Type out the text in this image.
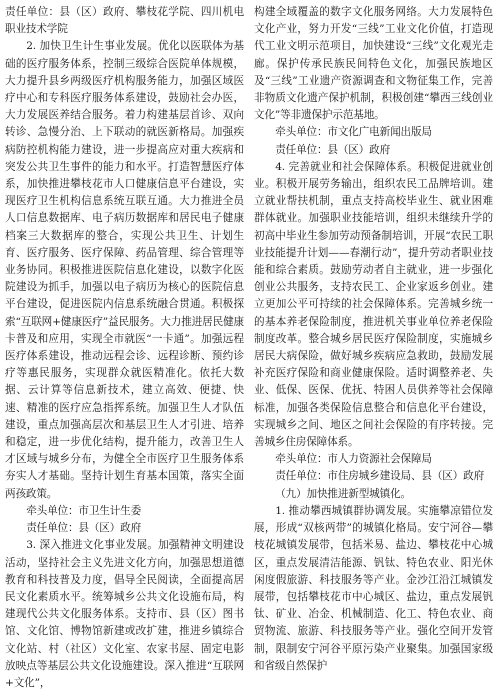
责任单位：县（区）政府、攀枝花学院、四川机电职业技术学院

2. 加快卫生计生事业发展。优化以医联体为基础的医疗服务体系，控制三级综合医院单体规模，大力提升县乡两级医疗机构服务能力，加强区域医疗中心和专科医疗服务体系建设，鼓励社会办医，大力发展医养结合服务。着力构建基层首诊、双向转诊、急慢分治、上下联动的就医新格局。加强疾病防控机构能力建设，进一步提高应对重大疾病和突发公共卫生事件的能力和水平。打造智慧医疗体系，加快推进攀枝花市人口健康信息平台建设，实现医疗卫生机构信息系统互联互通。大力推进全员人口信息数据库、电子病历数据库和居民电子健康档案三大数据库的整合，实现公共卫生、计划生育、医疗服务、医疗保障、药品管理、综合管理等业务协同。积极推进医院信息化建设，以数字化医院建设为抓手，加强以电子病历为核心的医院信息平台建设，促进医院内信息系统融合贯通。积极探索“互联网+健康医疗”益民服务。大力推进居民健康卡普及和应用，实现全市就医“一卡通”。加强远程医疗体系建设，推动远程会诊、远程诊断、预约诊疗等惠民服务，实现群众就医精准化。依托大数据、云计算等信息新技术，建立高效、便捷、快速、精准的医疗应急指挥系统。加强卫生人才队伍建设，重点加强高层次和基层卫生人才引进、培养和稳定，进一步优化结构，提升能力，改善卫生人才区域与城乡分布，为健全全市医疗卫生服务体系夯实人才基础。坚持计划生育基本国策，落实全面两孩政策。

牵头单位：市卫生计生委

责任单位：县（区）政府

3. 深入推进文化事业发展。加强精神文明建设活动，坚持社会主义先进文化方向，加强思想道德教育和科技普及力度，倡导全民阅读，全面提高居民文化素质水平。统筹城乡公共文化设施布局，构建现代公共文化服务体系。支持市、县（区）图书馆、文化馆、博物馆新建或改扩建，推进乡镇综合文化站、村（社区）文化室、农家书屋、固定电影放映点等基层公共文化设施建设。深入推进“互联网+文化”，

构建全域覆盖的数字文化服务网络。大力发展特色文化产业，努力开发“三线”工业文化价值，打造现代工业文明示范项目，加快建设“三线”文化观光走廊。保护传承民族民间特色文化，加强民族地区及“三线”工业遗产资源调查和文物征集工作，完善非物质文化遗产保护机制，积极创建“攀西三线创业文化”等非遗保护示范基地。

牵头单位：市文化广电新闻出版局

责任单位：县（区）政府

4. 完善就业和社会保障体系。积极促进就业创业。积极开展劳务输出，组织农民工品牌培训。建立就业帮扶机制，重点支持高校毕业生、就业困难群体就业。加强职业技能培训，组织未继续升学的初高中毕业生参加劳动预备制培训，开展“农民工职业技能提升计划——春潮行动”，提升劳动者职业技能和综合素质。鼓励劳动者自主就业，进一步强化创业公共服务，支持农民工、企业家返乡创业。建立更加公平可持续的社会保障体系。完善城乡统一的基本养老保险制度，推进机关事业单位养老保险制度改革。整合城乡居民医疗保险制度，实施城乡居民大病保险，做好城乡疾病应急救助，鼓励发展补充医疗保险和商业健康保险。适时调整养老、失业、低保、医保、优抚、特困人员供养等社会保障标准，加强各类保险信息整合和信息化平台建设，实现城乡之间、地区之间社会保险的有序转接。完善城乡住房保障体系。

牵头单位：市人力资源社会保障局

责任单位：市住房城乡建设局、县（区）政府

（九）加快推进新型城镇化。

1. 推动攀西城镇群协调发展。实施攀凉错位发展，形成“双核两带”的城镇化格局。安宁河谷—攀枝花城镇发展带，包括米易、盐边、攀枝花中心城区，重点发展清洁能源、钒钛、特色农业、阳光休闲度假旅游、科技服务等产业。金沙江沿江城镇发展带，包括攀枝花市中心城区、盐边，重点发展钒钛、矿业、冶金、机械制造、化工、特色农业、商贸物流、旅游、科技服务等产业。强化空间开发管制，限制安宁河谷平原污染产业聚集。加强国家级和省级自然保护
